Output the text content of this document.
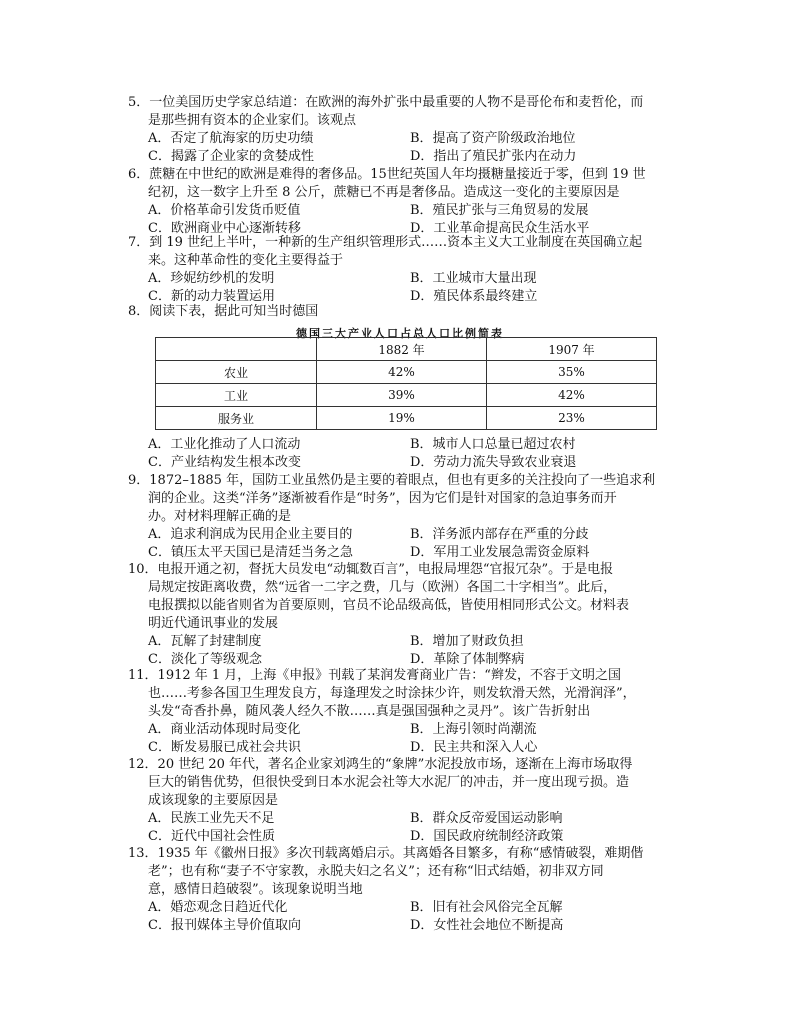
5．一位美国历史学家总结道：在欧洲的海外扩张中最重要的人物不是哥伦布和麦哲伦，而
是那些拥有资本的企业家们。该观点
A．否定了航海家的历史功绩	B．提高了资产阶级政治地位
C．揭露了企业家的贪婪成性	D．指出了殖民扩张内在动力
6．蔗糖在中世纪的欧洲是难得的奢侈品。15世纪英国人年均摄糖量接近于零，但到 19 世
纪初，这一数字上升至 8 公斤，蔗糖已不再是奢侈品。造成这一变化的主要原因是
A．价格革命引发货币贬值	B．殖民扩张与三角贸易的发展
C．欧洲商业中心逐渐转移	D．工业革命提高民众生活水平
7．到 19 世纪上半叶，一种新的生产组织管理形式……资本主义大工业制度在英国确立起
来。这种革命性的变化主要得益于
A．珍妮纺纱机的发明	B．工业城市大量出现
C．新的动力装置运用	D．殖民体系最终建立
8．阅读下表，据此可知当时德国
德国三大产业人口占总人口比例简表
	1882 年	1907 年
农业	42%	35%
工业	39%	42%
服务业	19%	23%
A．工业化推动了人口流动	B．城市人口总量已超过农村
C．产业结构发生根本改变	D．劳动力流失导致农业衰退
9．1872–1885 年，国防工业虽然仍是主要的着眼点，但也有更多的关注投向了一些追求利
润的企业。这类“洋务”逐渐被看作是“时务”，因为它们是针对国家的急迫事务而开
办。对材料理解正确的是
A．追求利润成为民用企业主要目的	B．洋务派内部存在严重的分歧
C．镇压太平天国已是清廷当务之急	D．军用工业发展急需资金原料
10．电报开通之初，督抚大员发电“动辄数百言”，电报局埋怨“官报冗杂”。于是电报
局规定按距离收费，然“远省一二字之费，几与（欧洲）各国二十字相当”。此后，
电报撰拟以能省则省为首要原则，官员不论品级高低，皆使用相同形式公文。材料表
明近代通讯事业的发展
A．瓦解了封建制度	B．增加了财政负担
C．淡化了等级观念	D．革除了体制弊病
11．1912 年 1 月，上海《申报》刊载了某润发膏商业广告：“辫发，不容于文明之国
也……考参各国卫生理发良方，每逢理发之时涂抹少许，则发软滑天然，光滑润泽”，
头发“奇香扑鼻，随风袭人经久不散……真是强国强种之灵丹”。该广告折射出
A．商业活动体现时局变化	B．上海引领时尚潮流
C．断发易服已成社会共识	D．民主共和深入人心
12．20 世纪 20 年代，著名企业家刘鸿生的“象牌”水泥投放市场，逐渐在上海市场取得
巨大的销售优势，但很快受到日本水泥会社等大水泥厂的冲击，并一度出现亏损。造
成该现象的主要原因是
A．民族工业先天不足	B．群众反帝爱国运动影响
C．近代中国社会性质	D．国民政府统制经济政策
13．1935 年《徽州日报》多次刊载离婚启示。其离婚各目繁多，有称“感情破裂，难期偕
老”；也有称“妻子不守家教，永脱夫妇之名义”；还有称“旧式结婚，初非双方同
意，感情日趋破裂”。该现象说明当地
A．婚恋观念日趋近代化	B．旧有社会风俗完全瓦解
C．报刊媒体主导价值取向	D．女性社会地位不断提高
